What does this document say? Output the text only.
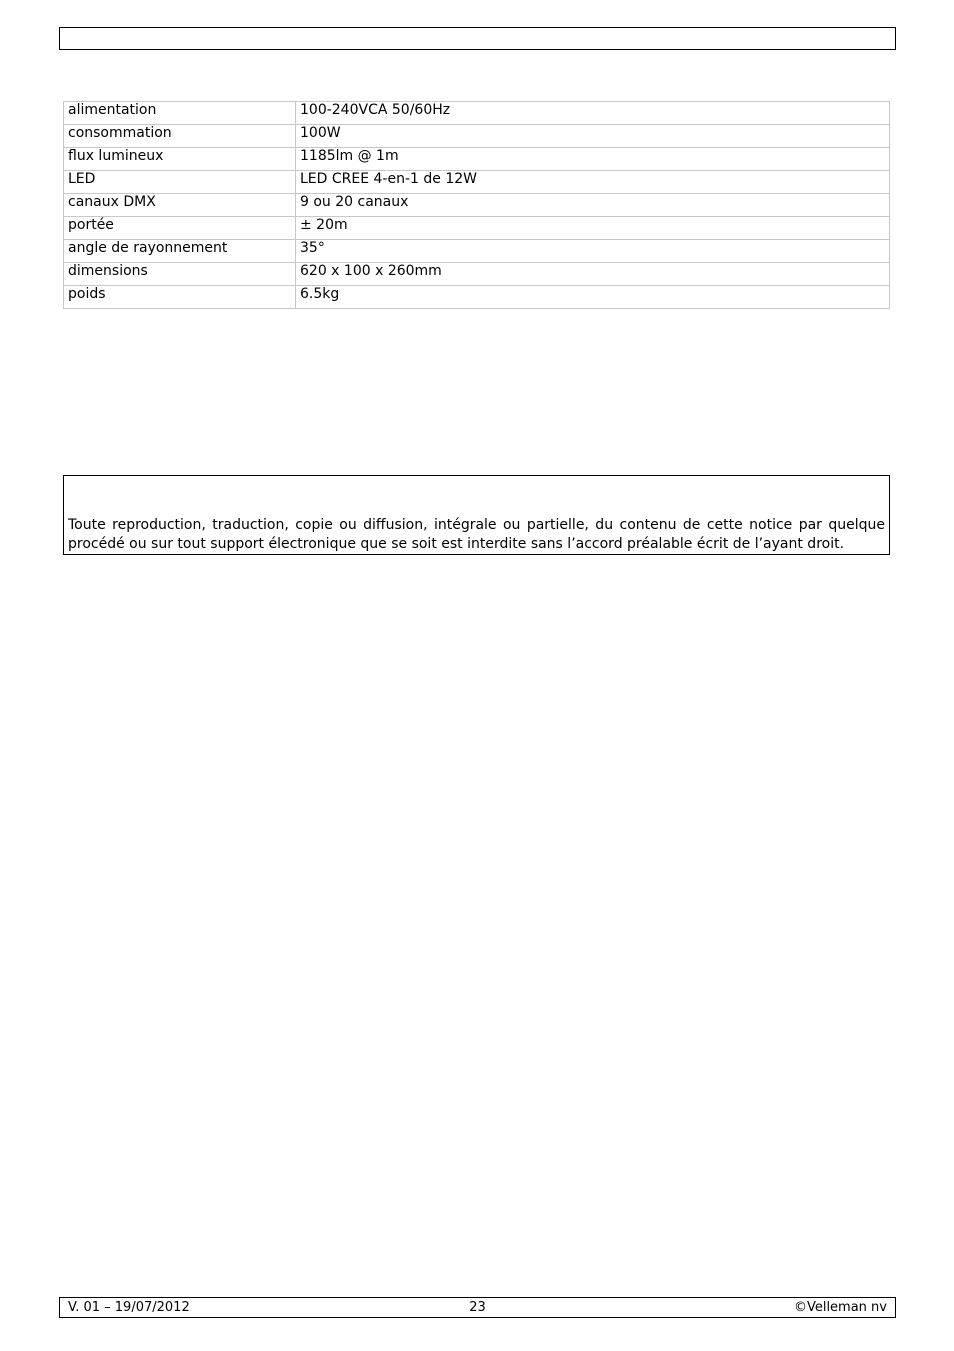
alimentation	100-240VCA 50/60Hz
consommation	100W
flux lumineux	1185lm @ 1m
LED	LED CREE 4-en-1 de 12W
canaux DMX	9 ou 20 canaux
portée	± 20m
angle de rayonnement	35°
dimensions	620 x 100 x 260mm
poids	6.5kg
Toute reproduction, traduction, copie ou diffusion, intégrale ou partielle, du contenu de cette notice par quelque procédé ou sur tout support électronique que se soit est interdite sans l’accord préalable écrit de l’ayant droit.
V. 01 – 19/07/2012	23	©Velleman nv
